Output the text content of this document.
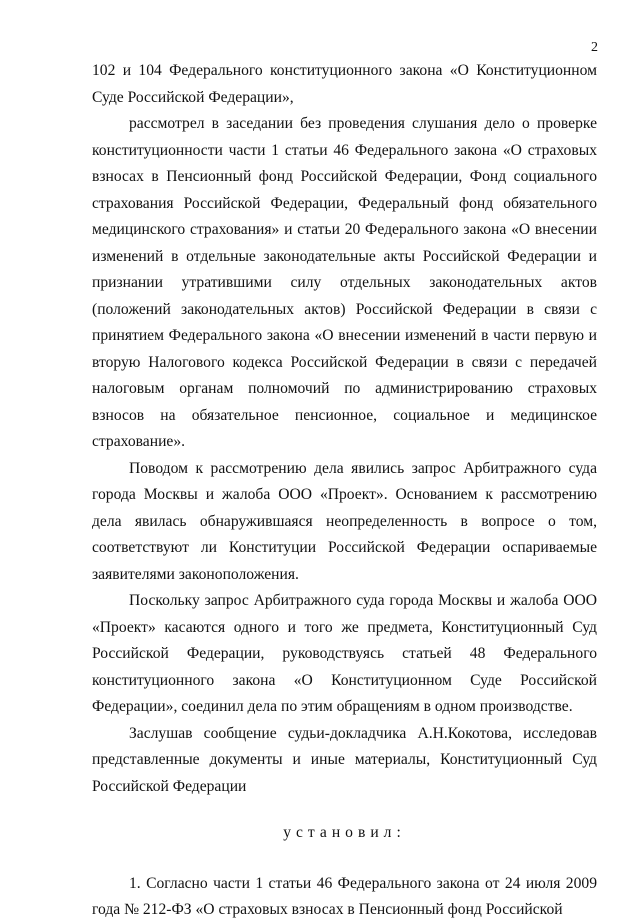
2

102 и 104 Федерального конституционного закона «О Конституционном Суде Российской Федерации»,

рассмотрел в заседании без проведения слушания дело о проверке конституционности части 1 статьи 46 Федерального закона «О страховых взносах в Пенсионный фонд Российской Федерации, Фонд социального страхования Российской Федерации, Федеральный фонд обязательного медицинского страхования» и статьи 20 Федерального закона «О внесении изменений в отдельные законодательные акты Российской Федерации и признании утратившими силу отдельных законодательных актов (положений законодательных актов) Российской Федерации в связи с принятием Федерального закона «О внесении изменений в части первую и вторую Налогового кодекса Российской Федерации в связи с передачей налоговым органам полномочий по администрированию страховых взносов на обязательное пенсионное, социальное и медицинское страхование».

Поводом к рассмотрению дела явились запрос Арбитражного суда города Москвы и жалоба ООО «Проект». Основанием к рассмотрению дела явилась обнаружившаяся неопределенность в вопросе о том, соответствуют ли Конституции Российской Федерации оспариваемые заявителями законоположения.

Поскольку запрос Арбитражного суда города Москвы и жалоба ООО «Проект» касаются одного и того же предмета, Конституционный Суд Российской Федерации, руководствуясь статьей 48 Федерального конституционного закона «О Конституционном Суде Российской Федерации», соединил дела по этим обращениям в одном производстве.

Заслушав сообщение судьи-докладчика А.Н.Кокотова, исследовав представленные документы и иные материалы, Конституционный Суд Российской Федерации

установил:

1. Согласно части 1 статьи 46 Федерального закона от 24 июля 2009 года № 212-ФЗ «О страховых взносах в Пенсионный фонд Российской
